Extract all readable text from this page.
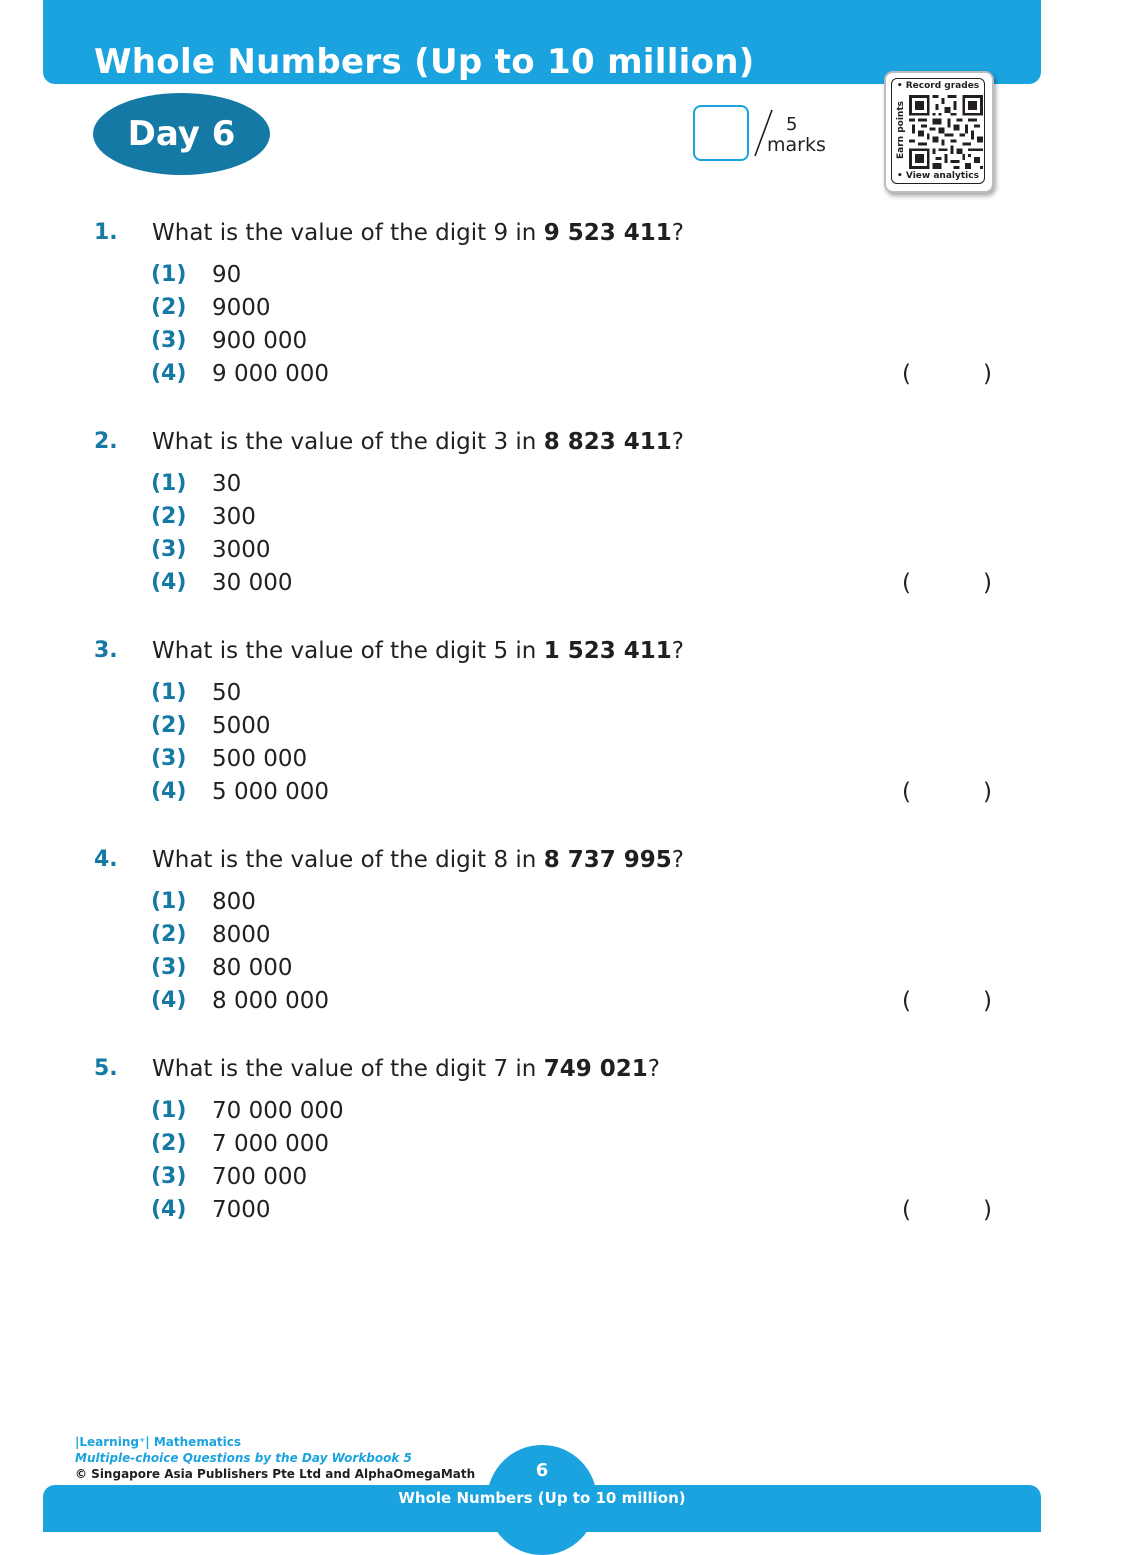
Whole Numbers (Up to 10 million)
Day 6	5
marks
• Record grades
Earn points
• View analytics
1. What is the value of the digit 9 in 9 523 411?
(1) 90
(2) 9000
(3) 900 000
(4) 9 000 000	(	)
2. What is the value of the digit 3 in 8 823 411?
(1) 30
(2) 300
(3) 3000
(4) 30 000	(	)
3. What is the value of the digit 5 in 1 523 411?
(1) 50
(2) 5000
(3) 500 000
(4) 5 000 000	(	)
4. What is the value of the digit 8 in 8 737 995?
(1) 800
(2) 8000
(3) 80 000
(4) 8 000 000	(	)
5. What is the value of the digit 7 in 749 021?
(1) 70 000 000
(2) 7 000 000
(3) 700 000
(4) 7000	(	)
|Learning⁺| Mathematics
Multiple-choice Questions by the Day Workbook 5
© Singapore Asia Publishers Pte Ltd and AlphaOmegaMath	6
Whole Numbers (Up to 10 million)
